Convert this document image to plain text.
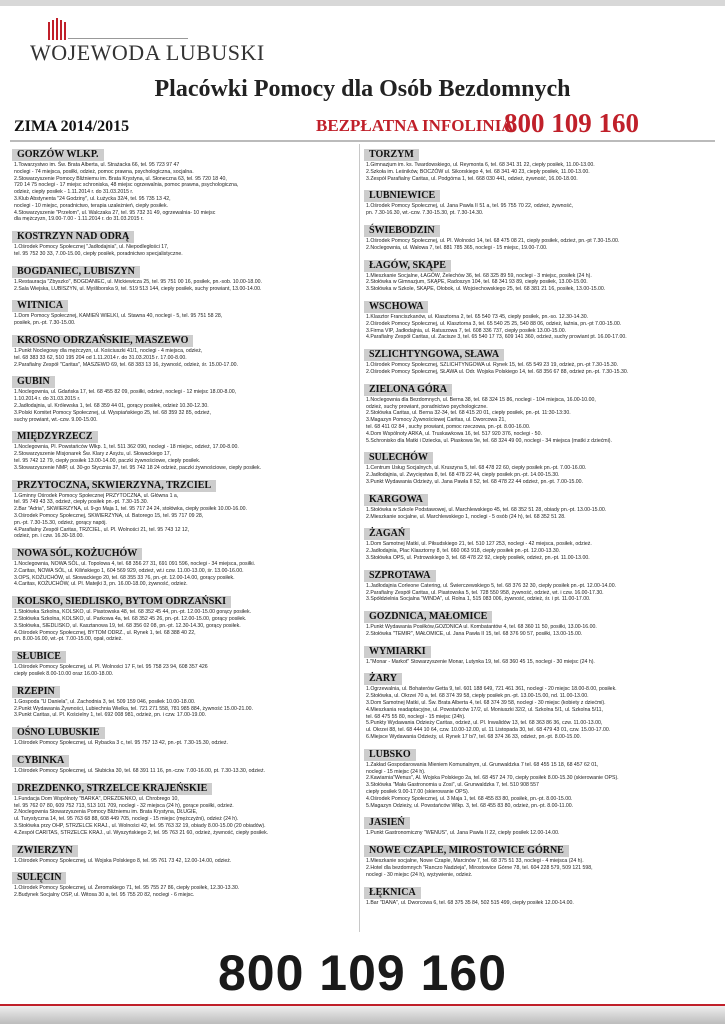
WOJEWODA LUBUSKI
Placówki Pomocy dla Osób Bezdomnych
ZIMA 2014/2015	BEZPŁATNA INFOLINIA
800 109 160
GORZÓW WLKP.
1.Towarzystwo im. Św. Brata Alberta, ul. Strażacka 66, tel. 95 723 97 47
noclegi - 74 miejsca, posiłki, odzież, pomoc prawna, psychologiczna, socjalna.
2.Stowarzyszenie Pomocy Bliźniemu im. Brata Krystyna, ul. Słoneczna 63, tel. 95 720 18 40,
720 14 75 noclegi - 17 miejsc schroniska, 48 miejsc ogrzewalnia, pomoc prawna, psychologiczna,
odzież, ciepły posiłek - 1.11.2014 r. do 31.03.2015 r.
3.Klub Abstynenta "24 Godziny", ul. Łużycka 32/4, tel. 95 735 13 42,
noclegi - 10 miejsc, poradnictwo, terapia uzależnień, ciepły posiłek.
4.Stowarzyszenie "Przełom", ul. Walczaka 27, tel. 95 732 31 49, ogrzewalnia- 10 miejsc
dla mężczyzn, 19.00-7.00 - 1.11.2014 r. do 31.03.2015 r.
KOSTRZYN NAD ODRĄ
1.Ośrodek Pomocy Społecznej "Jadłodajnia", ul. Niepodległości 17,
tel. 95 752 30 33, 7.00-15.00, ciepły posiłek, poradnictwo specjalistyczne.
BOGDANIEC, LUBISZYN
1.Restauracja "Zbyszko", BOGDANIEC, ul. Mickiewicza 25, tel. 95 751 00 16, posiłek, pn.-sob. 10.00-18.00.
2.Sala Wiejska, LUBISZYN, ul. Myśliborska 9, tel. 519 513 144, ciepły posiłek, suchy prowiant, 13.00-14.00.
WITNICA
1.Dom Pomocy Społecznej, KAMIEŃ WIELKI, ul. Stawna 40, noclegi - 5, tel. 95 751 58 28,
posiłek, pn.-pt. 7.30-15.00.
KROSNO ODRZAŃSKIE, MASZEWO
1.Punkt Noclegowy dla mężczyzn, ul. Kościuszki 41/1, noclegi - 4 miejsca, odzież,
tel. 68 383 33 62, 510 195 204 od 1.11.2014 r. do 31.03.2015 r. 17.00-8.00.
2.Parafialny Zespół "Caritas", MASZEWO 69, tel. 68 383 13 16, żywność, odzież, śr. 15.00-17.00.
GUBIN
1.Noclegownia, ul. Gdańska 17, tel. 68 455 82 09, posiłki, odzież, noclegi - 12 miejsc 18.00-8.00,
1.10.2014 r. do 31.03.2015 r.
2.Jadłodajnia, ul. Królewska 1, tel. 68 359 44 01, gorący posiłek, odzież 10.30-12.30.
3.Polski Komitet Pomocy Społecznej, ul. Wyspiańskiego 25, tel. 68 359 32 85, odzież,
suchy prowiant, wt.-czw. 9.00-15.00.
MIĘDZYRZECZ
1.Noclegownia, Pl. Powstańców Wlkp. 1, tel. 511 362 090, noclegi - 18 miejsc, odzież, 17.00-8.00.
2.Stowarzyszenie Misjonarek Św. Klary z Asyżu, ul. Słowackiego 17,
tel. 95 742 12 79, ciepły posiłek 13.00-14.00, paczki żywnościowe, ciepły posiłek.
3.Stowarzyszenie NMP, ul. 30-go Stycznia 37, tel. 95 742 18 24 odzież, paczki żywnościowe, ciepły posiłek.
PRZYTOCZNA, SKWIERZYNA, TRZCIEL
1.Gminny Ośrodek Pomocy Społecznej PRZYTOCZNA, ul. Główna 1 a,
tel. 95 749 43 33, odzież, ciepły posiłek pn.-pt. 7.30-15.30.
2.Bar "Adria", SKWIERZYNA, ul. 9-go Maja 1, tel. 95 717 24 24, stołówka, ciepły posiłek 10.00-16.00.
3.Ośrodek Pomocy Społecznej, SKWIERZYNA, ul. Batorego 15, tel. 95 717 09 28,
pn.-pt. 7.30-15.30, odzież, gorący napój.
4.Parafialny Zespół Caritas, TRZCIEL, ul. Pl. Wolności 21, tel. 95 743 12 12,
odzież, pn. i czw. 16.30-18.00.
NOWA SÓL, KOŻUCHÓW
1.Noclegownia, NOWA SÓL, ul. Topolowa 4, tel. 68 356 27 31, 691 091 596, noclegi - 34 miejsca, posiłki.
2.Caritas, NOWA SÓL, ul. Kilińskiego 1, 604 569 929, odzież, wt.i czw. 11.00-13.00, śr. 13.00-16.00.
3.OPS, KOŻUCHÓW, ul. Słowackiego 20, tel. 68 355 33 76, pn.-pt. 12.00-14.00, gorący posiłek.
4.Caritas, KOŻUCHÓW, ul. Pl. Matejki 3, pn. 16.00-18.00, żywność, odzież.
KOLSKO, SIEDLISKO, BYTOM ODRZAŃSKI
1.Stołówka Szkolna, KOLSKO, ul. Piastowska 48, tel. 68 352 45 44, pn.-pt. 12.00-15.00 gorący posiłek.
2.Stołówka Szkolna, KOLSKO, ul. Parkowa 4a, tel. 68 352 45 26, pn.-pt. 12.00-15.00, gorący posiłek.
3.Stołówka, SIEDLISKO, ul. Kasztanowa 19, tel. 68 356 02 08, pn.-pt. 12.30-14.30, gorący posiłek.
4.Ośrodek Pomocy Społecznej, BYTOM ODRZ., ul. Rynek 1, tel. 68 388 40 22,
pn. 8.00-16.00, wt.-pt. 7.00-15.00, opał, odzież.
SŁUBICE
1.Ośrodek Pomocy Społecznej, ul. Pl. Wolności 17 F, tel. 95 758 23 94, 608 357 426
ciepły posiłek 8.00-10.00 oraz 16.00-18.00.
RZEPIN
1.Gospoda "U Daniela", ul. Zachodnia 3, tel. 509 159 046, posiłek 10.00-18.00.
2.Punkt Wydawania Żywności, Lubiechnia Wielka, tel. 721 271 558, 781 985 884, żywność 15.00-21.00.
3.Punkt Caritas, ul. Pl. Kościelny 1, tel. 692 008 981, odzież, pn. i czw. 17.00-19.00.
OŚNO LUBUSKIE
1.Ośrodek Pomocy Społecznej, ul. Rybacka 3 c, tel. 95 757 13 42, pn.-pt. 7.30-15.30, odzież.
CYBINKA
1.Ośrodek Pomocy Społecznej, ul. Słubicka 30, tel. 68 391 11 16, pn.-czw. 7.00-16.00, pt. 7.30-13.30, odzież.
DREZDENKO, STRZELCE KRAJEŃSKIE
1.Fundacja Dom Wspólnoty "BARKA", DREZDENKO, ul. Chrobrego 10,
tel. 95 762 07 80, 609 752 713, 513 101 709, noclegi - 32 miejsca (24 h), gorące posiłki, odzież.
2.Noclegownia Stowarzyszenia Pomocy Bliźniemu im. Brata Krystyna, DŁUGIE,
ul. Turystyczna 14, tel. 95 763 68 88, 608 449 705, noclegi - 15 miejsc (mężczyźni), odzież (24 h).
3.Stołówka przy OHP, STRZELCE KRAJ., ul. Wolności 42, tel. 95 763 32 19, obiady 8.00-15.00 (20 obiadów).
4.Zespół CARITAS, STRZELCE KRAJ., ul. Wyszyńskiego 2, tel. 95 763 21 60, odzież, żywność, ciepły posiłek.
ZWIERZYN
1.Ośrodek Pomocy Społecznej, ul. Wojska Polskiego 8, tel. 95 761 73 42, 12.00-14.00, odzież.
SULĘCIN
1.Ośrodek Pomocy Społecznej, ul. Żeromskiego 71, tel. 95 755 27 86, ciepły posiłek, 12.30-13.30.
2.Budynek Socjalny OSP, ul. Witosa 30 a, tel. 95 755 20 82, noclegi - 6 miejsc.
TORZYM
1.Gimnazjum im. ks. Twardowskiego, ul. Reymonta 6, tel. 68 341 31 22, ciepły posiłek, 11.00-13.00.
2.Szkoła im. Leśników, BOCZÓW ul. Sikorskiego 4, tel. 68 341 40 23, ciepły posiłek, 11.00-13.00.
3.Zespół Parafialny Caritas, ul. Podgórna 1, tel. 668 030 441, odzież, żywność, 16.00-18.00.
LUBNIEWICE
1.Ośrodek Pomocy Społecznej, ul. Jana Pawła II 51 a, tel. 95 755 70 22, odzież, żywność,
pn. 7.30-16.30, wt.-czw. 7.30-15.30, pt. 7.30-14.30.
ŚWIEBODZIN
1.Ośrodek Pomocy Społecznej, ul. Pl. Wolności 14, tel. 68 475 08 21, ciepły posiłek, odzież, pn.-pt 7.30-15.00.
2.Noclegownia, ul. Wałowa 7, tel. 881 785 365, noclegi - 15 miejsc, 19.00-7.00.
ŁAGÓW, SKĄPE
1.Mieszkanie Socjalne, ŁAGÓW, Żelechów 36, tel. 68 325 89 59, noclegi - 3 miejsc, posiłek (24 h).
2.Stołówka w Gimnazjum, SKĄPE, Radoszyn 104, tel. 68 341 93 89, ciepły posiłek, 13.00-15.00.
3.Stołówka w Szkole, SKĄPE, Ołobok, ul. Wojciechowskiego 25, tel. 68 381 21 16, posiłek, 13.00-15.00.
WSCHOWA
1.Klasztor Franciszkanów, ul. Klasztorna 2, tel. 65 540 73 45, ciepły posiłek, pn.-so. 12.30-14.30.
2.Ośrodek Pomocy Społecznej, ul. Klasztorna 3, tel. 65 540 25 25, 540 88 06, odzież, łaźnia, pn.-pt 7.00-15.00.
3.Firma VIP, Jadłodajnia, ul. Ratuszowa 7, tel. 608 336 737, ciepły posiłek 13.00-15.00.
4.Parafialny Zespół Caritas, ul. Zacisze 3, tel. 65 540 17 73, 609 141 360, odzież, suchy prowiant pt. 16.00-17.00.
SZLICHTYNGOWA, SŁAWA
1.Ośrodek Pomocy Społecznej, SZLICHTYNGOWA ul. Rynek 15, tel. 65 549 23 19, odzież, pn.-pt 7.30-15.30.
2.Ośrodek Pomocy Społecznej, SŁAWA ul. Odr. Wojska Polskiego 14, tel. 68 356 67 88, odzież pn.-pt. 7.30-15.30.
ZIELONA GÓRA
1.Noclegownia dla Bezdomnych, ul. Berna 38, tel. 68 324 15 86, noclegi - 104 miejsca, 16.00-10.00,
odzież, suchy prowiant, poradnictwo psychologiczne.
2.Stołówka Caritas, ul. Berna 32-34, tel. 68 415 20 01, ciepły posiłek, pn.-pt. 11:30-13:30.
3.Magazyn Pomocy Żywnościowej Caritas, ul. Dworcowa 21,
tel. 68 411 02 84 , suchy prowiant, pomoc rzeczowa, pn.-pt. 8.00-16.00.
4.Dom Wspólnoty ARKA, ul. Truskawkowa 16, tel. 517 920 376, noclegi - 50.
5.Schronisko dla Matki i Dziecka, ul. Piaskowa 9e, tel. 68 324 49 00, noclegi - 34 miejsca (matki z dziećmi).
SULECHÓW
1.Centrum Usług Socjalnych, ul. Kruszyna 5, tel. 68 478 22 60, ciepły posiłek pn.-pt. 7.00-16.00.
2.Jadłodajnia, ul. Zwycięstwa 8, tel. 68 478 22 44, ciepły posiłek pn.-pt. 14.00-15.30.
3.Punkt Wydawania Odzieży, ul. Jana Pawła II 52, tel. 68 478 22 44 odzież, pn.-pt. 7.00-15.00.
KARGOWA
1.Stołówka w Szkole Podstawowej, ul. Marchlewskiego 45, tel. 68 352 51 28, obiady pn.-pt. 13.00-15.00.
2.Mieszkanie socjalne, ul. Marchlewskiego 1, noclegi - 5 osób (24 h), tel. 68 352 51 28.
ŻAGAŃ
1.Dom Samotnej Matki, ul. Piłsudskiego 21, tel. 510 127 253, noclegi - 42 miejsca, posiłek, odzież.
2.Jadłodajnia, Plac Klasztorny 8, tel. 660 063 918, ciepły posiłek pn.-pt. 12.00-13.30.
3.Stołówka OPS, ul. Pstrowskiego 3, tel. 68 478 22 92, ciepły posiłek, odzież, pn.-pt. 11.00-13.00.
SZPROTAWA
1.Jadłodajnia Corleone Catering, ul. Świerczewskiego 5, tel. 68 376 32 30, ciepły posiłek pn.-pt. 12.00-14.00.
2.Parafialny Zespół Caritas, ul. Piastowska 5, tel. 728 550 958, żywność, odzież, wt. i czw. 16.00-17.30.
3.Spółdzielnia Socjalna "WINDA", ul. Rolna 1, 515 083 006, żywność, odzież, śr. i pt. 11.00-17.00.
GOZDNICA, MAŁOMICE
1.Punkt Wydawania Posiłków,GOZDNICA ul. Kombatantów 4, tel. 68 360 11 50, posiłki, 13.00-16.00.
2.Stołówka "TEMIR", MAŁOMICE, ul. Jana Pawła II 15, tel. 68 376 90 57, posiłki, 13.00-15.00.
WYMIARKI
1."Monar - Markot" Stowarzyszenie Monar, Lutynka 19, tel. 68 360 45 15, noclegi - 30 miejsc (24 h).
ŻARY
1.Ogrzewalnia, ul. Bohaterów Getta 9, tel. 601 188 649, 721 461 361, noclegi - 20 miejsc 18.00-8.00, posiłek.
2.Stołówka, ul. Okrzei 70 a, tel. 68 374 39 58, ciepły posiłek pn.-pt. 13.00-15.00, nd. 11.00-13.00.
3.Dom Samotnej Matki, ul. Św. Brata Alberta 4, tel. 68 374 39 58, noclegi - 30 miejsc (kobiety z dziećmi).
4.Mieszkania readaptacyjne, ul. Powstańców 17/2, ul. Moniuszki 32/2, ul. Szkolna 5/1, ul. Szkolna 5/11,
tel. 68 475 55 80, noclegi - 15 miejsc (24h).
5.Punkty Wydawania Odzieży Caritas, odzież, ul. Pl. Inwalidów 13, tel. 68 363 86 36, czw. 11.00-13.00,
ul. Okrzei 88, tel. 68 444 10 64, czw. 10.00-12.00, ul. 11 Listopada 30, tel. 68 479 43 01, czw. 15.00-17.00.
6.Miejsce Wydawania Odzieży, ul. Rynek 17 b/7, tel. 68 374 36 33, odzież, pn.-pt. 8.00-15.00.
LUBSKO
1.Zakład Gospodarowania Mieniem Komunalnym, ul. Grunwaldzka 7 tel. 68 455 15 18, 68 457 62 01,
noclegi - 15 miejsc (24 h).
2.Kawiarnia"Wenus", Al. Wojska Polskiego 2a, tel. 68 457 24 70, ciepły posiłek 8.00-15.30 (skierowanie OPS).
3.Stołówka "Mała Gastronomia u Zosi", ul. Grunwaldzka 7, tel. 510 908 557
ciepły posiłek 9.00-17.00 (skierowanie OPS).
4.Ośrodek Pomocy Społecznej, ul. 3 Maja 1, tel. 68 455 83 80, posiłek, pn.-pt. 8.00-15.00.
5.Magazyn Odzieży, ul. Powstańców Wlkp. 3, tel. 68 455 83 80, odzież, pn.-pt. 8.00-11.00.
JASIEŃ
1.Punkt Gastronomiczny "WENUS", ul. Jana Pawła II 22, ciepły posiłek 12.00-14.00.
NOWE CZAPLE, MIROSTOWICE GÓRNE
1.Mieszkanie socjalne, Nowe Czaple, Marcinów 7, tel. 68 375 51 33, noclegi - 4 miejsca (24 h).
2.Hotel dla bezdomnych "Ranczo Nadzieja", Mirostowice Górne 78, tel. 604 228 579, 509 121 598,
noclegi - 30 miejsc (24 h), wyżywienie, odzież.
ŁĘKNICA
1.Bar "DANA", ul. Dworcowa 6, tel. 68 375 35 84, 502 515 499, ciepły posiłek 12.00-14.00.
800 109 160
